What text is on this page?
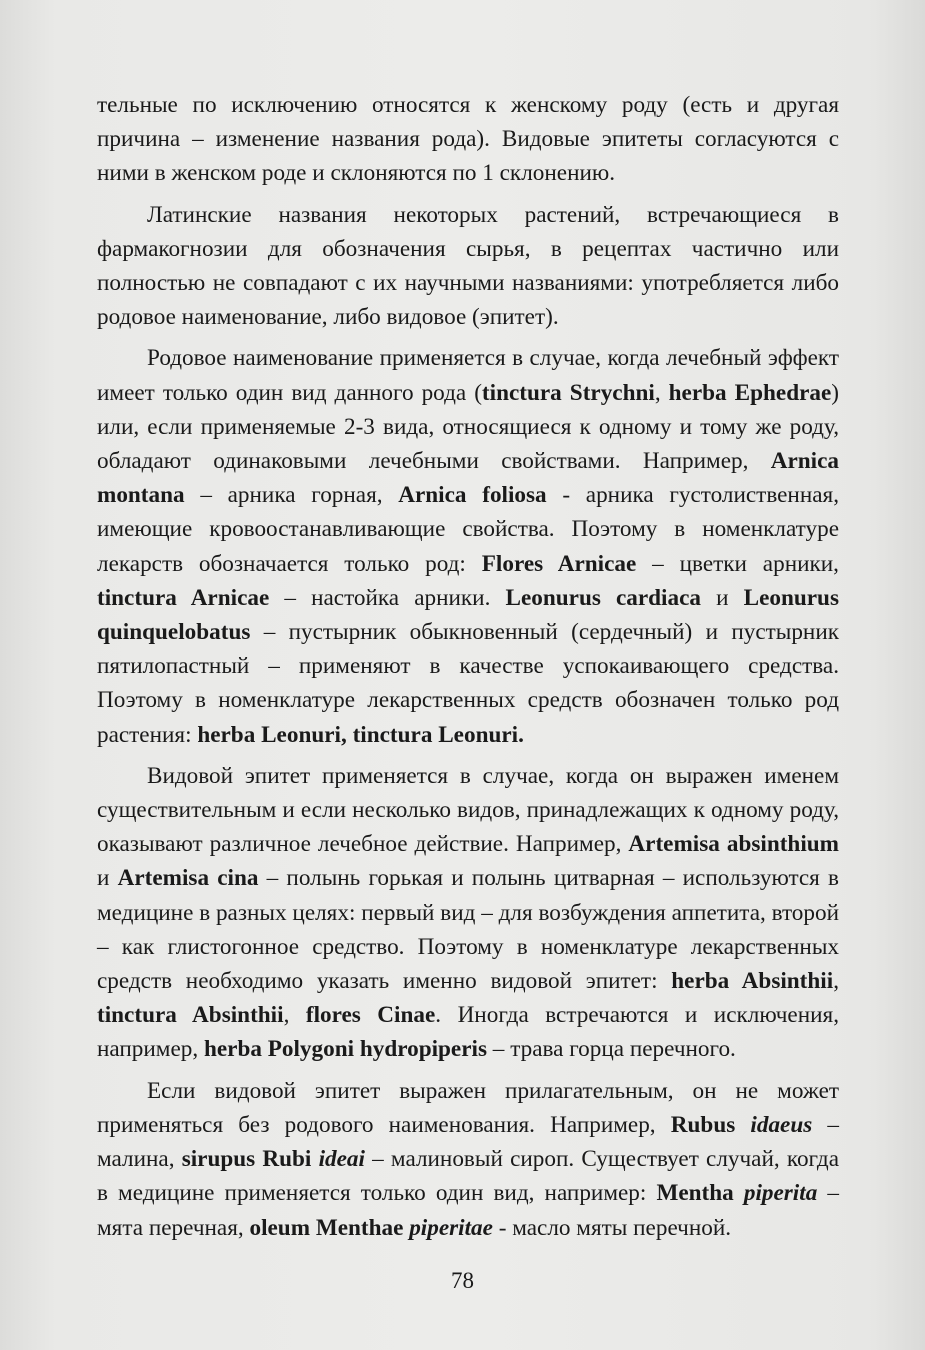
тельные по исключению относятся к женскому роду (есть и другая причина – изменение названия рода). Видовые эпитеты согласуются с ними в женском роде и склоняются по 1 склонению.

Латинские названия некоторых растений, встречающиеся в фармакогнозии для обозначения сырья, в рецептах частично или полностью не совпадают с их научными названиями: употребляется либо родовое наименование, либо видовое (эпитет).

Родовое наименование применяется в случае, когда лечебный эффект имеет только один вид данного рода (tinctura Strychni, herba Ephedrae) или, если применяемые 2-3 вида, относящиеся к одному и тому же роду, обладают одинаковыми лечебными свойствами. Например, Arnica montana – арника горная, Arnica foliosa - арника густолиственная, имеющие кровоостанавливающие свойства. Поэтому в номенклатуре лекарств обозначается только род: Flores Arnicae – цветки арники, tinctura Arnicae – настойка арники. Leonurus cardiaca и Leonurus quinquelobatus – пустырник обыкновенный (сердечный) и пустырник пятилопастный – применяют в качестве успокаивающего средства. Поэтому в номенклатуре лекарственных средств обозначен только род растения: herba Leonuri, tinctura Leonuri.

Видовой эпитет применяется в случае, когда он выражен именем существительным и если несколько видов, принадлежащих к одному роду, оказывают различное лечебное действие. Например, Artemisa absinthium и Artemisa cina – полынь горькая и полынь цитварная – используются в медицине в разных целях: первый вид – для возбуждения аппетита, второй – как глистогонное средство. Поэтому в номенклатуре лекарственных средств необходимо указать именно видовой эпитет: herba Absinthii, tinctura Absinthii, flores Cinae. Иногда встречаются и исключения, например, herba Polygoni hydropiperis – трава горца перечного.

Если видовой эпитет выражен прилагательным, он не может применяться без родового наименования. Например, Rubus idaeus – малина, sirupus Rubi ideai – малиновый сироп. Существует случай, когда в медицине применяется только один вид, например: Mentha piperita – мята перечная, oleum Menthae piperitae - масло мяты перечной.

78
